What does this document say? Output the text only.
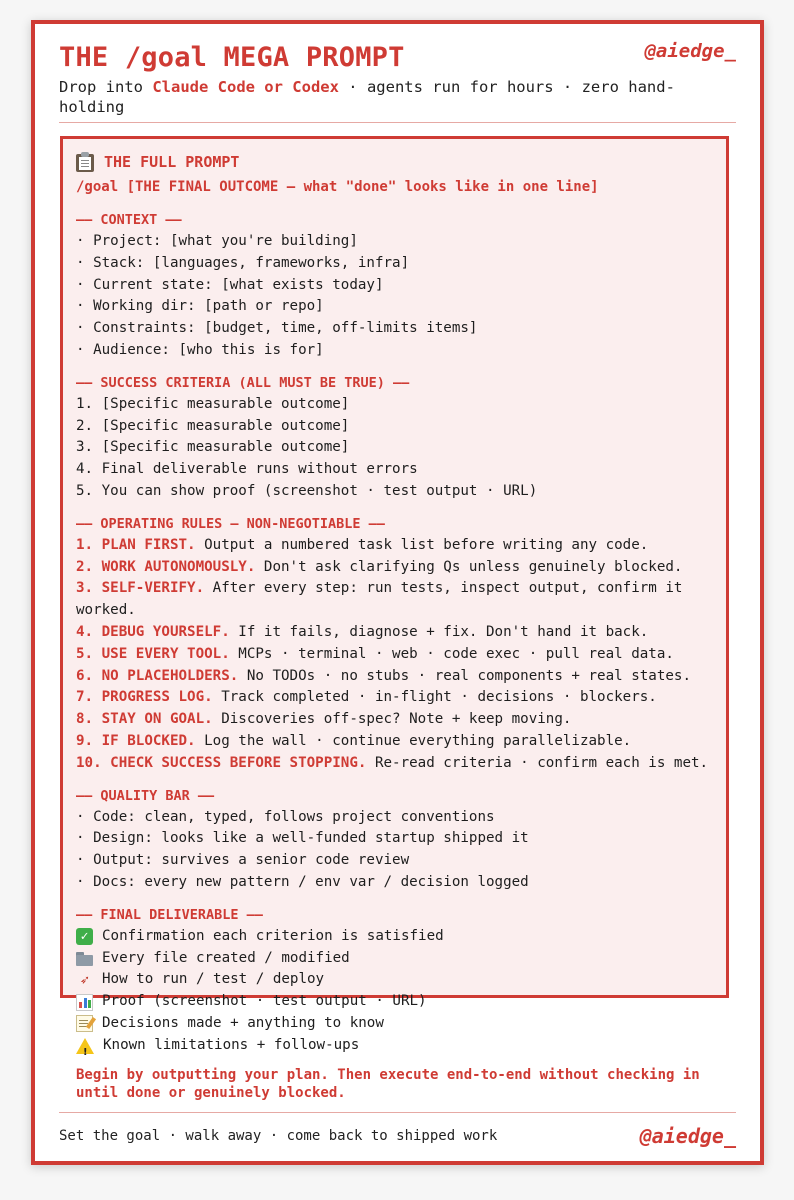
THE /goal MEGA PROMPT	@aiedge_
Drop into Claude Code or Codex · agents run for hours · zero hand-holding
THE FULL PROMPT
/goal [THE FINAL OUTCOME — what "done" looks like in one line]
—— CONTEXT ——
· Project: [what you're building]
· Stack: [languages, frameworks, infra]
· Current state: [what exists today]
· Working dir: [path or repo]
· Constraints: [budget, time, off-limits items]
· Audience: [who this is for]
—— SUCCESS CRITERIA (ALL MUST BE TRUE) ——
1. [Specific measurable outcome]
2. [Specific measurable outcome]
3. [Specific measurable outcome]
4. Final deliverable runs without errors
5. You can show proof (screenshot · test output · URL)
—— OPERATING RULES — NON-NEGOTIABLE ——
1. PLAN FIRST. Output a numbered task list before writing any code.
2. WORK AUTONOMOUSLY. Don't ask clarifying Qs unless genuinely blocked.
3. SELF-VERIFY. After every step: run tests, inspect output, confirm it worked.
4. DEBUG YOURSELF. If it fails, diagnose + fix. Don't hand it back.
5. USE EVERY TOOL. MCPs · terminal · web · code exec · pull real data.
6. NO PLACEHOLDERS. No TODOs · no stubs · real components + real states.
7. PROGRESS LOG. Track completed · in-flight · decisions · blockers.
8. STAY ON GOAL. Discoveries off-spec? Note + keep moving.
9. IF BLOCKED. Log the wall · continue everything parallelizable.
10. CHECK SUCCESS BEFORE STOPPING. Re-read criteria · confirm each is met.
—— QUALITY BAR ——
· Code: clean, typed, follows project conventions
· Design: looks like a well-funded startup shipped it
· Output: survives a senior code review
· Docs: every new pattern / env var / decision logged
—— FINAL DELIVERABLE ——
✓ Confirmation each criterion is satisfied
Every file created / modified
➶ How to run / test / deploy
Proof (screenshot · test output · URL)
Decisions made + anything to know
! Known limitations + follow-ups
Begin by outputting your plan. Then execute end-to-end without checking in until done or genuinely blocked.
Set the goal · walk away · come back to shipped work	@aiedge_
